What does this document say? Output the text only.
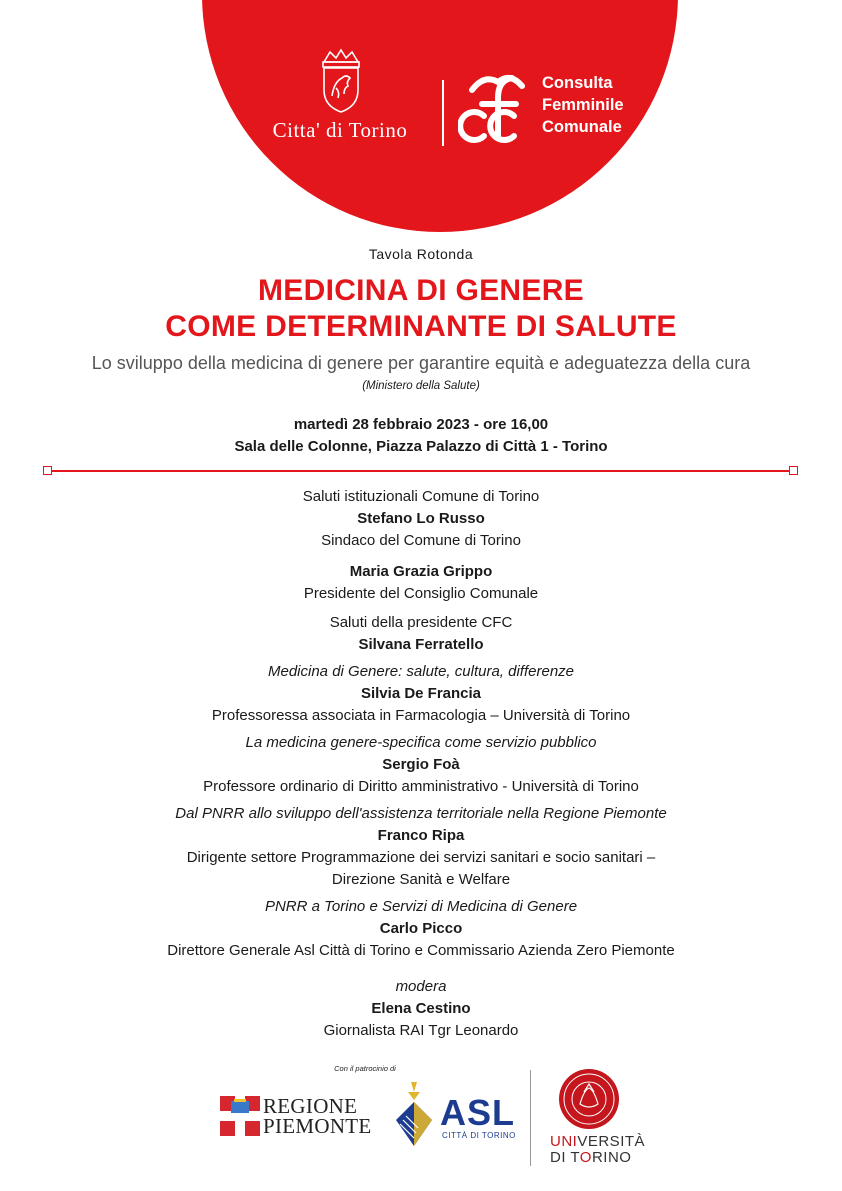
Citta' di Torino
Consulta
Femminile
Comunale
Tavola Rotonda
MEDICINA DI GENERE
COME DETERMINANTE DI SALUTE
Lo sviluppo della medicina di genere per garantire equità e adeguatezza della cura
(Ministero della Salute)
martedì 28 febbraio 2023 - ore 16,00
Sala delle Colonne, Piazza Palazzo di Città 1 - Torino
Saluti istituzionali Comune di Torino
Stefano Lo Russo
Sindaco del Comune di Torino
Maria Grazia Grippo
Presidente del Consiglio Comunale
Saluti della presidente CFC
Silvana Ferratello
Medicina di Genere: salute, cultura, differenze
Silvia De Francia
Professoressa associata in Farmacologia – Università di Torino
La medicina genere-specifica come servizio pubblico
Sergio Foà
Professore ordinario di Diritto amministrativo - Università di Torino
Dal PNRR allo sviluppo dell'assistenza territoriale nella Regione Piemonte
Franco Ripa
Dirigente settore Programmazione dei servizi sanitari e socio sanitari –
Direzione Sanità e Welfare
PNRR a Torino e Servizi di Medicina di Genere
Carlo Picco
Direttore Generale Asl Città di Torino e Commissario Azienda Zero Piemonte
modera
Elena Cestino
Giornalista RAI Tgr Leonardo
Con il patrocinio di
REGIONE
PIEMONTE ASL
CITTÀ DI TORINO UNIVERSITÀ
DI TORINO
